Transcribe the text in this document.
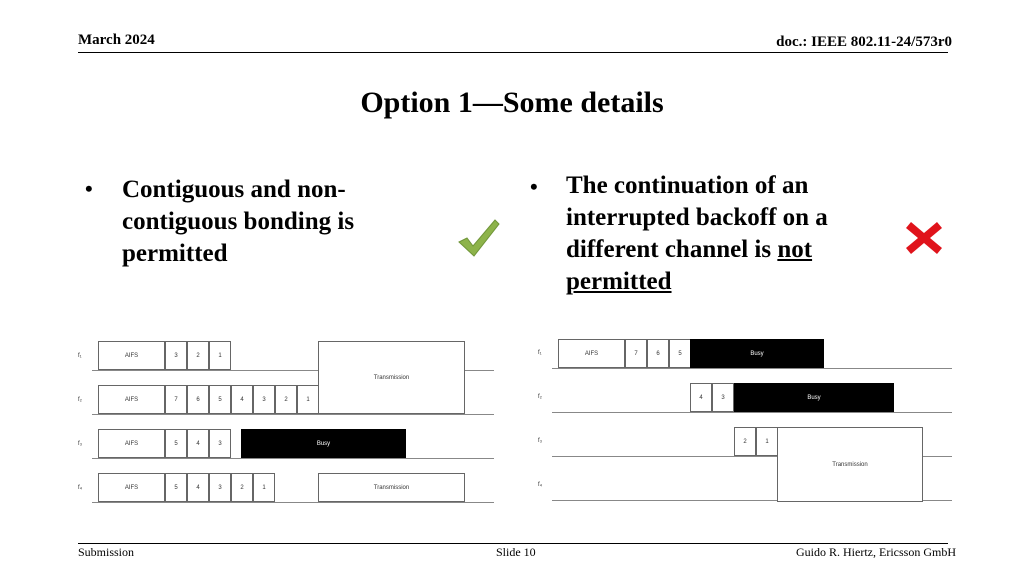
March 2024	doc.: IEEE 802.11-24/573r0
Option 1—Some details
• Contiguous and non-
contiguous bonding is
permitted
• The continuation of an
interrupted backoff on a
different channel is not
permitted
f₁
f₂
f₃
f₄
AIFS	3	2	1
AIFS	7	6	5	4	3	2	1
Transmission
AIFS	5	4	3	Busy
AIFS	5	4	3	2	1	Transmission
f₁
f₂
f₃
f₄
AIFS	7	6	5	Busy
4	3	Busy
2	1
Transmission
Submission	Slide 10	Guido R. Hiertz, Ericsson GmbH
